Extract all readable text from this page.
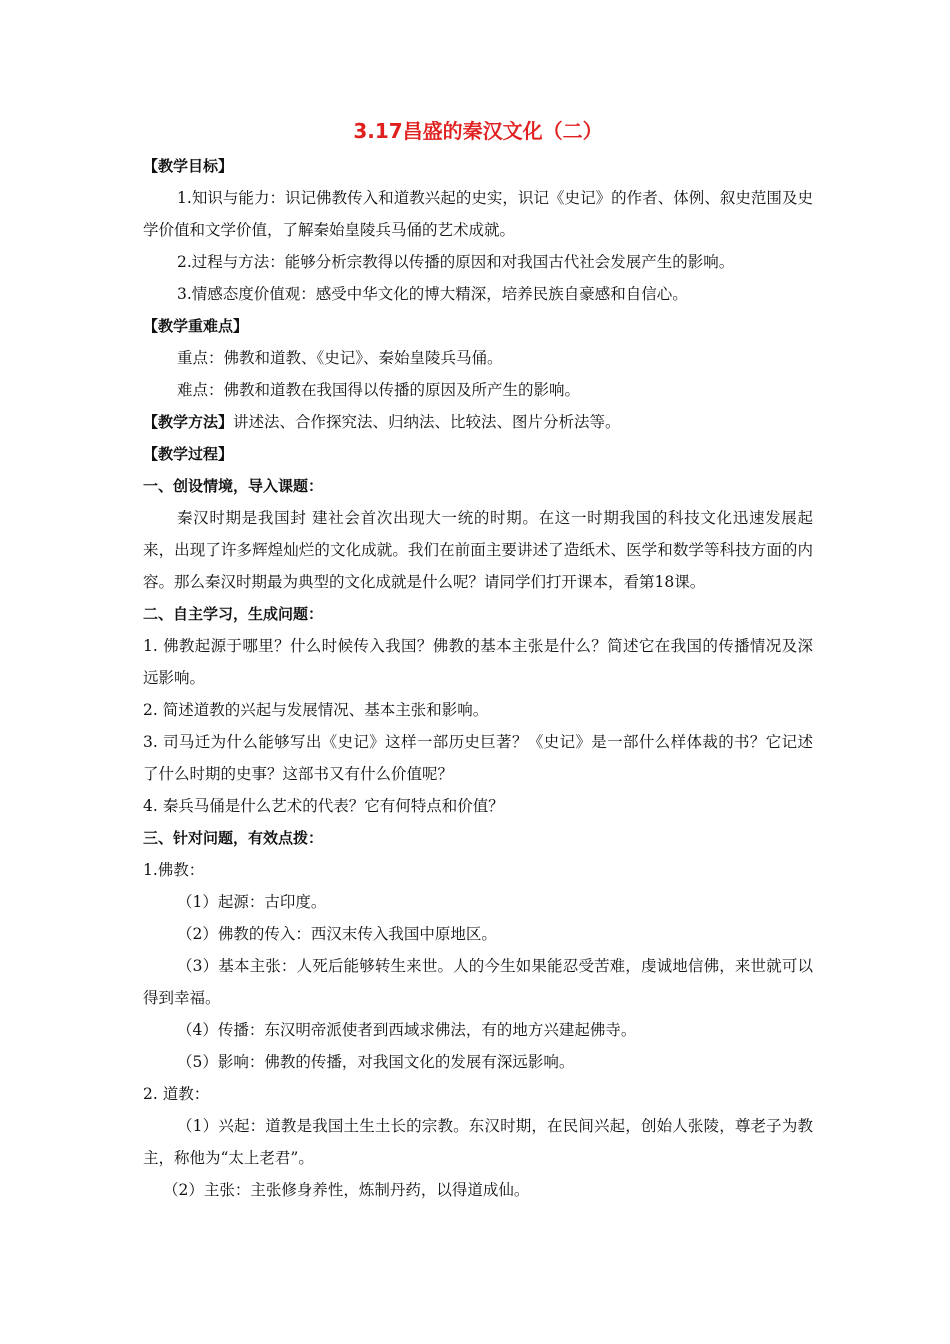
3.17昌盛的秦汉文化（二）

【教学目标】

1.知识与能力：识记佛教传入和道教兴起的史实，识记《史记》的作者、体例、叙史范围及史学价值和文学价值，了解秦始皇陵兵马俑的艺术成就。

2.过程与方法：能够分析宗教得以传播的原因和对我国古代社会发展产生的影响。

3.情感态度价值观：感受中华文化的博大精深，培养民族自豪感和自信心。

【教学重难点】

重点：佛教和道教、《史记》、秦始皇陵兵马俑。

难点：佛教和道教在我国得以传播的原因及所产生的影响。

【教学方法】讲述法、合作探究法、归纳法、比较法、图片分析法等。

【教学过程】

一、创设情境，导入课题：

秦汉时期是我国封 建社会首次出现大一统的时期。在这一时期我国的科技文化迅速发展起来，出现了许多辉煌灿烂的文化成就。我们在前面主要讲述了造纸术、医学和数学等科技方面的内容。那么秦汉时期最为典型的文化成就是什么呢？请同学们打开课本，看第18课。

二、自主学习，生成问题：

1. 佛教起源于哪里？什么时候传入我国？佛教的基本主张是什么？简述它在我国的传播情况及深远影响。

2. 简述道教的兴起与发展情况、基本主张和影响。

3. 司马迁为什么能够写出《史记》这样一部历史巨著？《史记》是一部什么样体裁的书？它记述了什么时期的史事？这部书又有什么价值呢？

4. 秦兵马俑是什么艺术的代表？它有何特点和价值？

三、针对问题，有效点拨：

1.佛教：

（1）起源：古印度。

（2）佛教的传入：西汉末传入我国中原地区。

（3）基本主张：人死后能够转生来世。人的今生如果能忍受苦难，虔诚地信佛，来世就可以得到幸福。

（4）传播：东汉明帝派使者到西域求佛法，有的地方兴建起佛寺。

（5）影响：佛教的传播，对我国文化的发展有深远影响。

2. 道教：

（1）兴起：道教是我国土生土长的宗教。东汉时期，在民间兴起，创始人张陵，尊老子为教主，称他为“太上老君”。

（2）主张：主张修身养性，炼制丹药，以得道成仙。
